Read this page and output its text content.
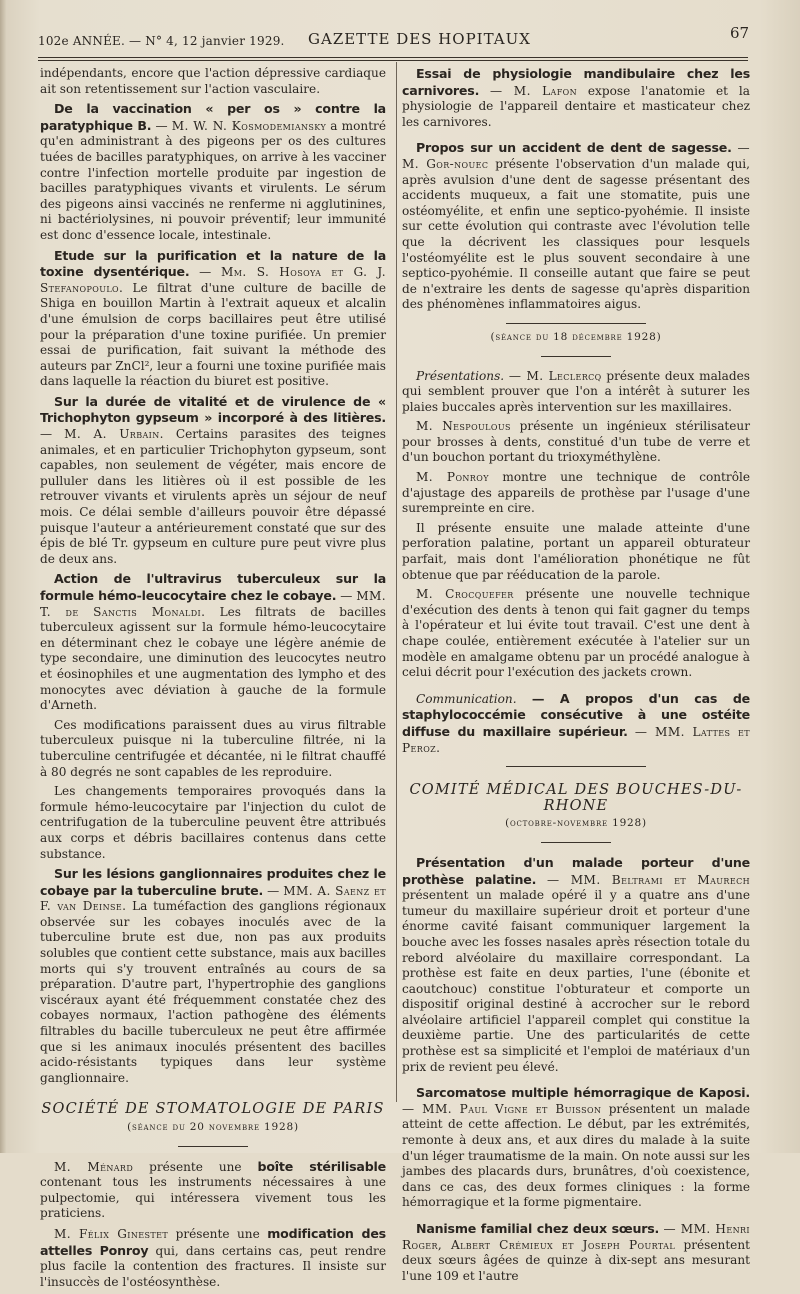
102e ANNÉE. — N° 4, 12 janvier 1929. GAZETTE DES HOPITAUX	67

indépendants, encore que l'action dépressive cardiaque ait son retentissement sur l'action vasculaire.

De la vaccination « per os » contre la paratyphique B. — M. W. N. Kosmodemiansky a montré qu'en administrant à des pigeons per os des cultures tuées de bacilles paratyphiques, on arrive à les vacciner contre l'infection mortelle produite par ingestion de bacilles paratyphiques vivants et virulents. Le sérum des pigeons ainsi vaccinés ne renferme ni agglutinines, ni bactériolysines, ni pouvoir préventif; leur immunité est donc d'essence locale, intestinale.

Etude sur la purification et la nature de la toxine dysentérique. — Mm. S. Hosoya et G. J. Stefanopoulo. Le filtrat d'une culture de bacille de Shiga en bouillon Martin à l'extrait aqueux et alcalin d'une émulsion de corps bacillaires peut être utilisé pour la préparation d'une toxine purifiée. Un premier essai de purification, fait suivant la méthode des auteurs par ZnCl², leur a fourni une toxine purifiée mais dans laquelle la réaction du biuret est positive.

Sur la durée de vitalité et de virulence de « Trichophyton gypseum » incorporé à des litières. — M. A. Urbain. Certains parasites des teignes animales, et en particulier Trichophyton gypseum, sont capables, non seulement de végéter, mais encore de pulluler dans les litières où il est possible de les retrouver vivants et virulents après un séjour de neuf mois. Ce délai semble d'ailleurs pouvoir être dépassé puisque l'auteur a antérieurement constaté que sur des épis de blé Tr. gypseum en culture pure peut vivre plus de deux ans.

Action de l'ultravirus tuberculeux sur la formule hémo-leucocytaire chez le cobaye. — MM. T. de Sanctis Monaldi. Les filtrats de bacilles tuberculeux agissent sur la formule hémo-leucocytaire en déterminant chez le cobaye une légère anémie de type secondaire, une diminution des leucocytes neutro et éosinophiles et une augmentation des lympho et des monocytes avec déviation à gauche de la formule d'Arneth.

Ces modifications paraissent dues au virus filtrable tuberculeux puisque ni la tuberculine filtrée, ni la tuberculine centrifugée et décantée, ni le filtrat chauffé à 80 degrés ne sont capables de les reproduire.

Les changements temporaires provoqués dans la formule hémo-leucocytaire par l'injection du culot de centrifugation de la tuberculine peuvent être attribués aux corps et débris bacillaires contenus dans cette substance.

Sur les lésions ganglionnaires produites chez le cobaye par la tuberculine brute. — MM. A. Saenz et F. van Deinse. La tuméfaction des ganglions régionaux observée sur les cobayes inoculés avec de la tuberculine brute est due, non pas aux produits solubles que contient cette substance, mais aux bacilles morts qui s'y trouvent entraînés au cours de sa préparation. D'autre part, l'hypertrophie des ganglions viscéraux ayant été fréquemment constatée chez des cobayes normaux, l'action pathogène des éléments filtrables du bacille tuberculeux ne peut être affirmée que si les animaux inoculés présentent des bacilles acido-résistants typiques dans leur système ganglionnaire.

SOCIÉTÉ DE STOMATOLOGIE DE PARIS
(séance du 20 novembre 1928)

M. Ménard présente une boîte stérilisable contenant tous les instruments nécessaires à une pulpectomie, qui intéressera vivement tous les praticiens.

M. Félix Ginestet présente une modification des attelles Ponroy qui, dans certains cas, peut rendre plus facile la contention des fractures. Il insiste sur l'insuccès de l'ostéosynthèse.

Essai de physiologie mandibulaire chez les carnivores. — M. Lafon expose l'anatomie et la physiologie de l'appareil dentaire et masticateur chez les carnivores.

Propos sur un accident de dent de sagesse. — M. Gor-nouec présente l'observation d'un malade qui, après avulsion d'une dent de sagesse présentant des accidents muqueux, a fait une stomatite, puis une ostéomyélite, et enfin une septico-pyohémie. Il insiste sur cette évolution qui contraste avec l'évolution telle que la décrivent les classiques pour lesquels l'ostéomyélite est le plus souvent secondaire à une septico-pyohémie. Il conseille autant que faire se peut de n'extraire les dents de sagesse qu'après disparition des phénomènes inflammatoires aigus.

(séance du 18 décembre 1928)

Présentations. — M. Leclercq présente deux malades qui semblent prouver que l'on a intérêt à suturer les plaies buccales après intervention sur les maxillaires.

M. Nespoulous présente un ingénieux stérilisateur pour brosses à dents, constitué d'un tube de verre et d'un bouchon portant du trioxyméthylène.

M. Ponroy montre une technique de contrôle d'ajustage des appareils de prothèse par l'usage d'une surempreinte en cire.

Il présente ensuite une malade atteinte d'une perforation palatine, portant un appareil obturateur parfait, mais dont l'amélioration phonétique ne fût obtenue que par rééducation de la parole.

M. Crocquefer présente une nouvelle technique d'exécution des dents à tenon qui fait gagner du temps à l'opérateur et lui évite tout travail. C'est une dent à chape coulée, entièrement exécutée à l'atelier sur un modèle en amalgame obtenu par un procédé analogue à celui décrit pour l'exécution des jackets crown.

Communication. — A propos d'un cas de staphylococcémie consécutive à une ostéite diffuse du maxillaire supérieur. — MM. Lattes et Peroz.

COMITÉ MÉDICAL DES BOUCHES-DU-RHONE
(octobre-novembre 1928)

Présentation d'un malade porteur d'une prothèse palatine. — MM. Beltrami et Maurech présentent un malade opéré il y a quatre ans d'une tumeur du maxillaire supérieur droit et porteur d'une énorme cavité faisant communiquer largement la bouche avec les fosses nasales après résection totale du rebord alvéolaire du maxillaire correspondant. La prothèse est faite en deux parties, l'une (ébonite et caoutchouc) constitue l'obturateur et comporte un dispositif original destiné à accrocher sur le rebord alvéolaire artificiel l'appareil complet qui constitue la deuxième partie. Une des particularités de cette prothèse est sa simplicité et l'emploi de matériaux d'un prix de revient peu élevé.

Sarcomatose multiple hémorragique de Kaposi. — MM. Paul Vigne et Buisson présentent un malade atteint de cette affection. Le début, par les extrémités, remonte à deux ans, et aux dires du malade à la suite d'un léger traumatisme de la main. On note aussi sur les jambes des placards durs, brunâtres, d'où coexistence, dans ce cas, des deux formes cliniques : la forme hémorragique et la forme pigmentaire.

Nanisme familial chez deux sœurs. — MM. Henri Roger, Albert Crémieux et Joseph Pourtal présentent deux sœurs âgées de quinze à dix-sept ans mesurant l'une 109 et l'autre
